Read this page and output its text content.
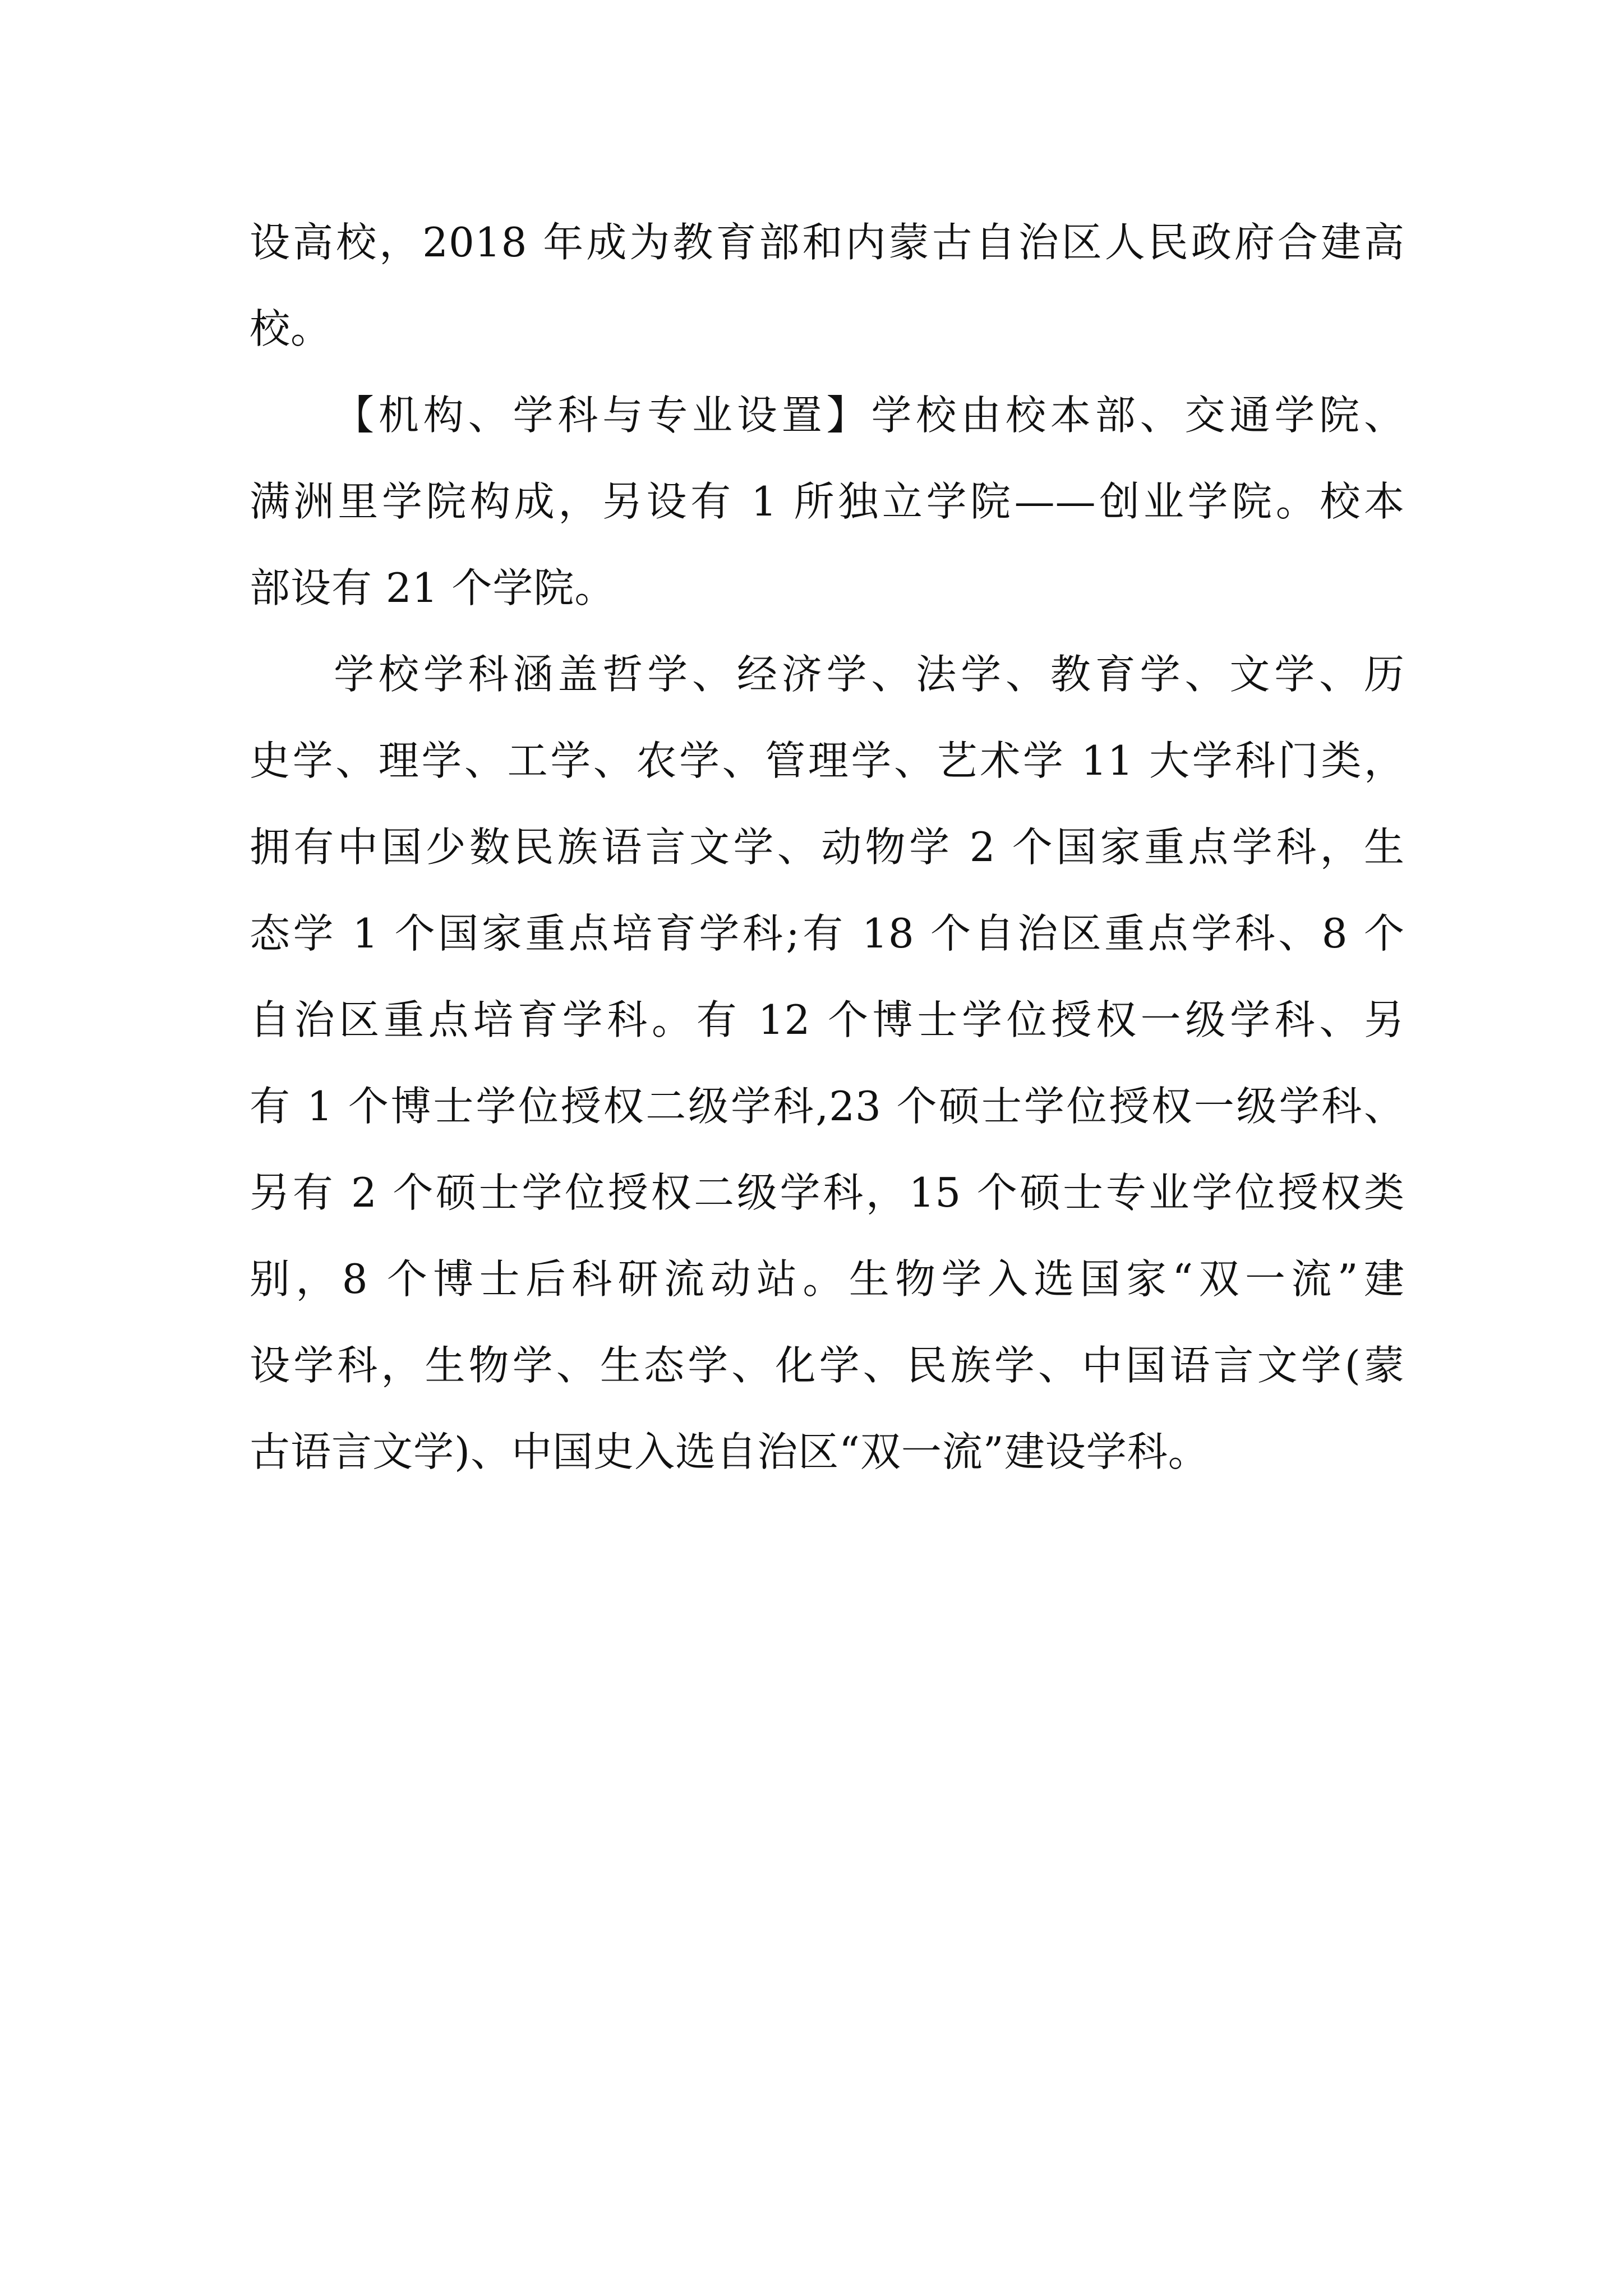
设高校，2018 年成为教育部和内蒙古自治区人民政府合建高
校。
【机构、学科与专业设置】学校由校本部、交通学院、
满洲里学院构成，另设有 1 所独立学院——创业学院。校本
部设有 21 个学院。
学校学科涵盖哲学、经济学、法学、教育学、文学、历
史学、理学、工学、农学、管理学、艺术学 11 大学科门类，
拥有中国少数民族语言文学、动物学 2 个国家重点学科，生
态学 1 个国家重点培育学科;有 18 个自治区重点学科、8 个
自治区重点培育学科。有 12 个博士学位授权一级学科、另
有 1 个博士学位授权二级学科,23 个硕士学位授权一级学科、
另有 2 个硕士学位授权二级学科，15 个硕士专业学位授权类
别，8 个博士后科研流动站。生物学入选国家“双一流”建
设学科，生物学、生态学、化学、民族学、中国语言文学(蒙
古语言文学)、中国史入选自治区“双一流”建设学科。
